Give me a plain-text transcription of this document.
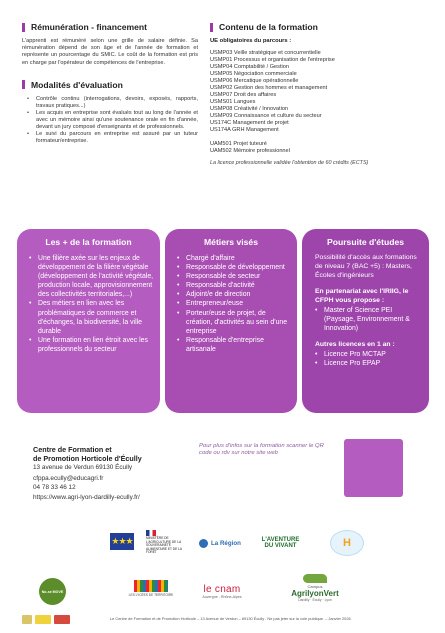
Rémunération - financement

L'apprenti est rémunéré selon une grille de salaire définie. Sa rémunération dépend de son âge et de l'année de formation et représente un pourcentage du SMIC. Le coût de la formation est pris en charge par l'opérateur de compétences de l'entreprise.

Modalités d'évaluation
• Contrôle continu (interrogations, devoirs, exposés, rapports, travaux pratiques...)
• Les acquis en entreprise sont évalués tout au long de l'année et avec un mémoire ainsi qu'une soutenance orale en fin d'année, devant un jury composé d'enseignants et de professionnels.
• Le suivi du parcours en entreprise est assuré par un tuteur formateur/entreprise.
Contenu de la formation
UE obligatoires du parcours :
USMP03 Veille stratégique et concurrentielle
USMP01 Processus et organisation de l'entreprise
USMP04 Comptabilité / Gestion
USMP05 Négociation commerciale
USMP06 Mercatique opérationnelle
USMP02 Gestion des hommes et management
USMP07 Droit des affaires
USMS01 Langues
USMP08 Créativité / Innovation
USMP09 Connaissance et culture du secteur
US174C Management de projet
US174A GRH Management
UAM501 Projet tuteuré
UAM502 Mémoire professionnel
La licence professionnelle validée l'obtention de 60 crédits (ECTS)
Les + de la formation
• Une filière axée sur les enjeux de développement de la filière végétale (développement de l'activité végétale, production locale, approvisionnement des collectivités territoriales,...)
• Des métiers en lien avec les problématiques de commerce et d'échanges, la biodiversité, la ville durable
• Une formation en lien étroit avec les professionnels du secteur
Métiers visés
• Chargé d'affaire
• Responsable de développement
• Responsable de secteur
• Responsable d'activité
• Adjoint/e de direction
• Entrepreneur/euse
• Porteur/euse de projet, de création, d'activités au sein d'une entreprise
• Responsable d'entreprise artisanale
Poursuite d'études
Possibilité d'accès aux formations de niveau 7 (BAC +5) : Masters, Écoles d'ingénieurs
En partenariat avec l'IRIIG, le CFPH vous propose :
• Master of Science PEI (Paysage, Environnement & Innovation)
Autres licences en 1 an :
• Licence Pro MCTAP
• Licence Pro EPAP
Centre de Formation et
de Promotion Horticole d'Écully
13 avenue de Verdun 69130 Écully
cfppa.ecully@educagri.fr
04 78 33 46 12
https://www.agri-lyon-dardilly-ecully.fr/
Pour plus d'infos sur la formation scanner le QR code ou rdv sur notre site web
★★★	MINISTÈRE DE L'AGRICULTURE DE LA SOUVERAINETÉ ALIMENTAIRE ET DE LA FORÊT
La Région	L'AVENTURE
DU VIVANT	H
No-se MOVE
LES LYCÉES DE TERRITOIRE
le cnam
Auvergne - Rhône-Alpes
Campus
AgrilyonVert
Dardilly · Écully · Lyon
Le Centre de Formation et de Promotion Horticole – 13 Avenue de Verdun – 69130 Écully . Ne pas jeter sur la voie publique. – Janvier 2026
